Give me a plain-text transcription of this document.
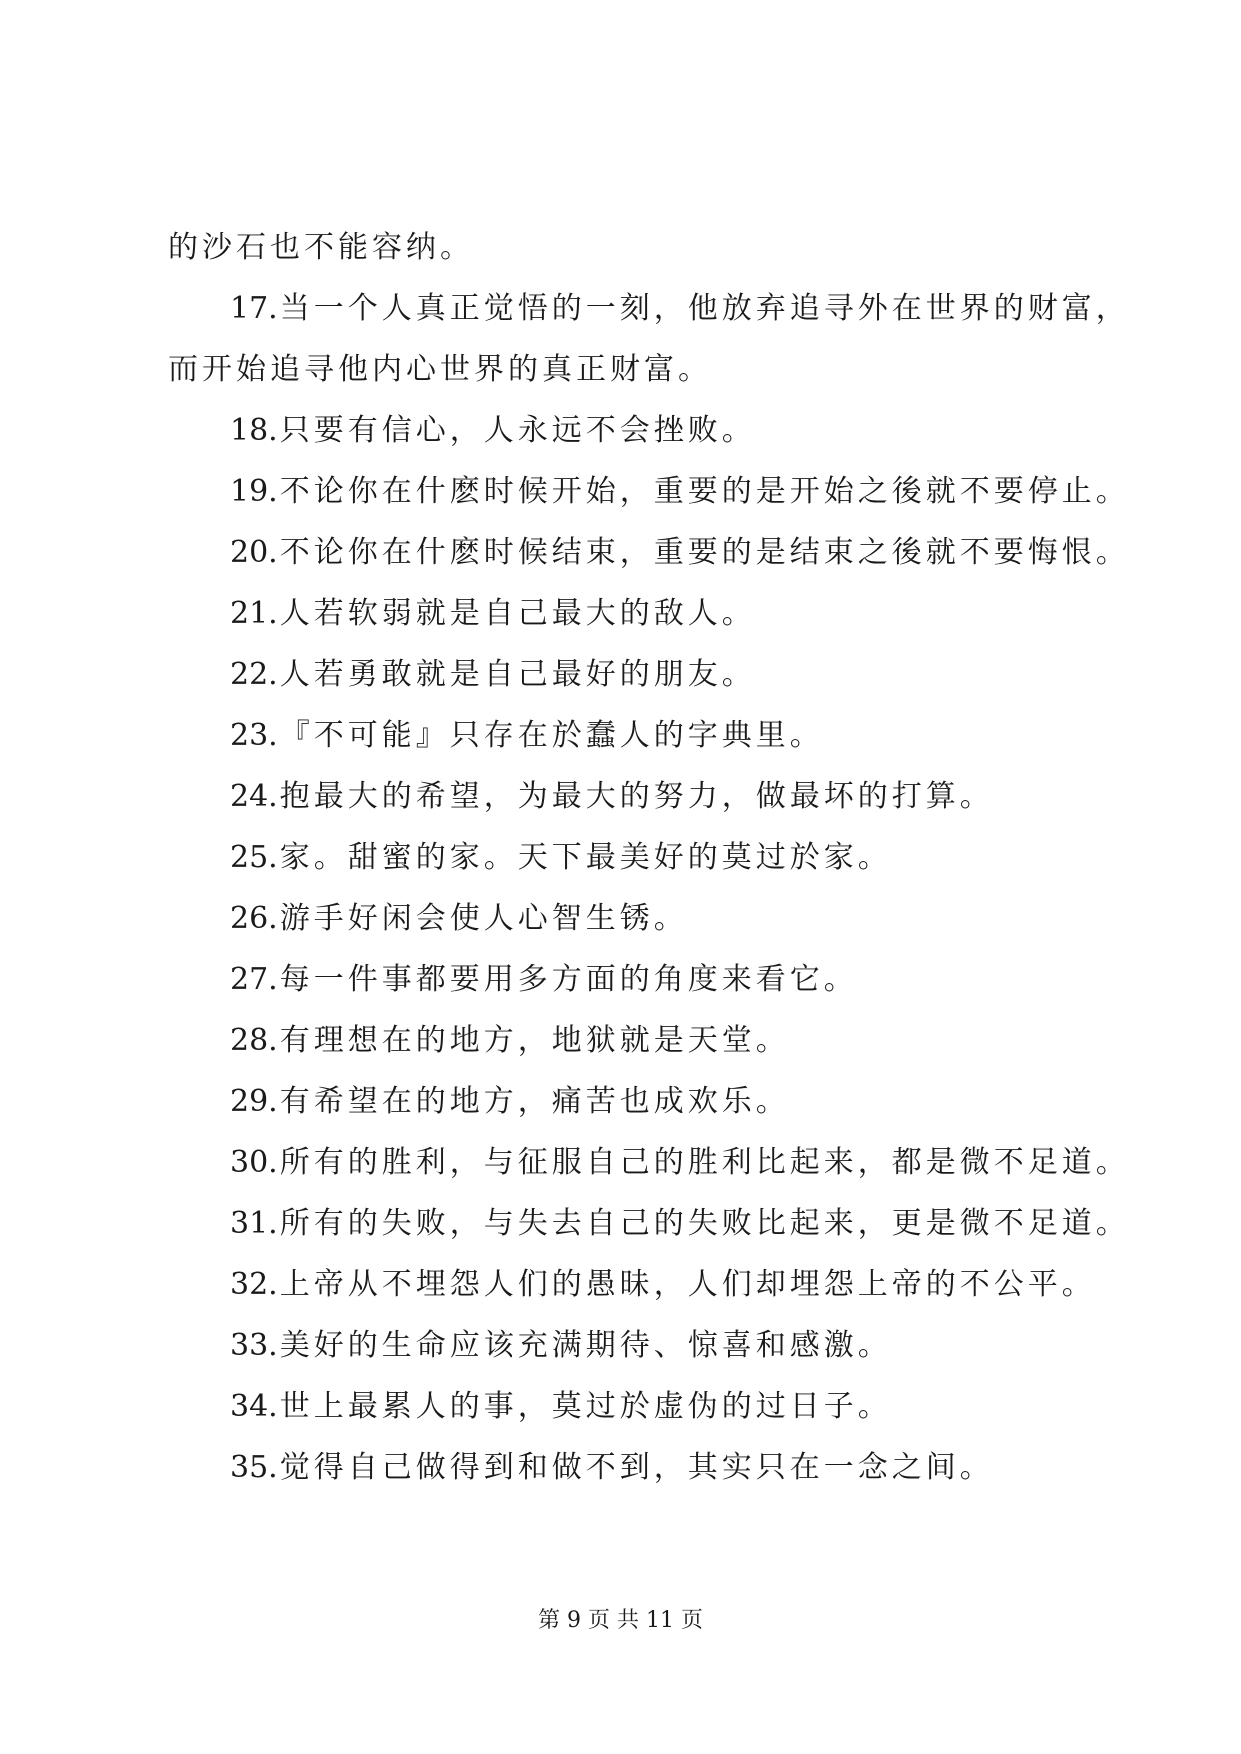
的沙石也不能容纳。
17.当一个人真正觉悟的一刻，他放弃追寻外在世界的财富，
而开始追寻他内心世界的真正财富。
18.只要有信心，人永远不会挫败。
19.不论你在什麽时候开始，重要的是开始之後就不要停止。
20.不论你在什麽时候结束，重要的是结束之後就不要悔恨。
21.人若软弱就是自己最大的敌人。
22.人若勇敢就是自己最好的朋友。
23.『不可能』只存在於蠢人的字典里。
24.抱最大的希望，为最大的努力，做最坏的打算。
25.家。甜蜜的家。天下最美好的莫过於家。
26.游手好闲会使人心智生锈。
27.每一件事都要用多方面的角度来看它。
28.有理想在的地方，地狱就是天堂。
29.有希望在的地方，痛苦也成欢乐。
30.所有的胜利，与征服自己的胜利比起来，都是微不足道。
31.所有的失败，与失去自己的失败比起来，更是微不足道。
32.上帝从不埋怨人们的愚昧，人们却埋怨上帝的不公平。
33.美好的生命应该充满期待、惊喜和感激。
34.世上最累人的事，莫过於虚伪的过日子。
35.觉得自己做得到和做不到，其实只在一念之间。
第 9 页 共 11 页
